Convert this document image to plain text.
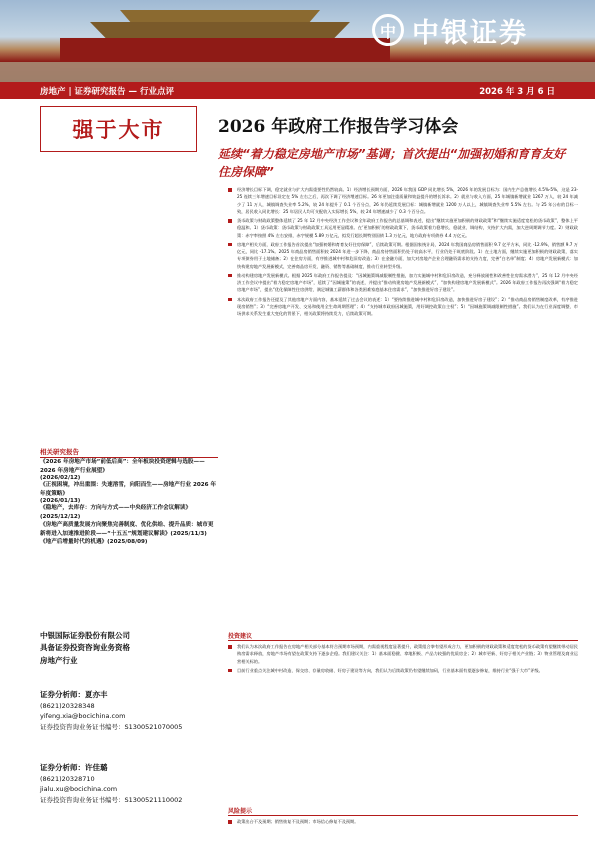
中 中银证券
房地产 | 证券研究报告 — 行业点评	2026 年 3 月 6 日
强于大市	2026 年政府工作报告学习体会
延续“着力稳定房地产市场”基调；首次提出“加强初婚和育育友好住房保障”
经济增长目标下调，稳定就业与扩大内需重要性仍然较高。1）经济增长预期方面，2026 年我国 GDP 同比增长 5%，2026 年的发展目标为：国内生产总值增长 4.5%-5%，这是 23-25 连续三年增速目标设定在 5% 左右之后，再次下调了经济增速目标。26 年更加注重质量和效益提升的增长诉求。2）就业与收入方面，25 年城镇新增就业 1267 万人，较 24 年减少了 11 万人，城镇调查失业率 5.2%，较 24 年提升了 0.1 个百分点，26 年仍延续发展目标：城镇新增就业 1200 万人以上，城镇调查失业率 5.5% 左右。与 25 年公布的目标一致，居民收入同比增长：25 年居民人均可支配收入实际增长 5%，较 24 年增速减少了 0.3 个百分点。
货币政策与财政政策整体延续了 25 年 12 月中央经济工作会议和全年政府工作报告的总基调和表述，提出“继续实施更加积极的财政政策”和“继续实施适度宽松的货币政策”，整体上平稳温和。1）货币政策：货币政策与财政政策工具运用更显精准。在‘更加积极’的财政政策下，货币政策着力稳增长、稳就业、调结构，支持扩大内需，加大逆周期调节力度。2）财政政策：赤字率按照 4% 左右安排，赤字规模 5.89 万亿元，拟发行超长期特别国债 1.3 万亿元，地方政府专项债券 4.4 万亿元。
房地产相关方面，政府工作报告首次提出“加强初婚和育育友好住房保障”，后续政策可期。根据国家统计局，2024 年我国商品房销售面积 9.7 亿平方米，同比 -12.9%，销售额 9.7 万亿元，同比 -17.1%。2025 年商品房销售面积较 2024 年进一步下降，商品房待售面积仍处于较高水平，行业仍处于筑底阶段。1）在土地方面，继续实施更加积极的财政政策，落实专项债券用于土地储备；2）在住房方面，有序推进城中村和危旧房改造；3）在金融方面，加大对房地产企业合理融资需求的支持力度，完善“白名单”制度；4）房地产发展新模式：加快构建房地产发展新模式，完善商品房开发、融资、销售等基础制度，推动行业转型升级。
推动构建房地产发展新模式。根据 2025 年政府工作报告提及：“因城施策调减限制性措施，加力实施城中村和危旧房改造，充分释放刚性和改善性住房需求潜力”，25 年 12 月中央经济工作会议中提出“着力稳定房地产市场”，延续了“因城施策”的表述，并提出“推动构建房地产发展新模式”，“加快构建房地产发展新模式”。2026 年政府工作报告再次强调“着力稳定房地产市场”，提出“优化保障性住房供给，满足城镇工薪群体和各类困难家庭基本住房需求”，“加快推进好房子建设”。
本次政府工作报告还提及了其他房地产方面内容，基本延续了过去会议的表述：1）“要持续推进城中村和危旧房改造，加快推进好房子建设”；2）“推动商品房销售制度改革，有序推进现房销售”；3）“完善房地产开发、交易和使用全生命周期管理”；4）“支持城市政府因城施策，用好调控政策自主权”；5）“因城施策调减限制性措施”。我们认为在行业深度调整、市场供求关系发生重大变化的背景下，相关政策将持续发力，后续政策可期。
投资建议
我们认为本次政府工作报告在房地产相关部分基本符合预期市场预期，内需重视程度显著提升，政策组合拳有望形成合力，更加积极的财政政策和适度宽松的货币政策有望继续带动居民购房需求释放，房地产市场有望在政策支持下逐步企稳。我们建议关注：1）基本面稳健、拿地积极、产品力较强的优质房企；2）城市更新、好房子相关产业链；3）物业管理及商业运营相关标的。
目前行业重点关注城中村改造、保交房、存量房收储、好房子建设等方向，我们认为后续政策仍有望继续加码，行业基本面有望逐步修复，维持行业“强于大市”评级。
风险提示
政策出台不及预期；销售恢复不及预期；市场信心修复不及预期。
相关研究报告
《2026 年房地产市场“前低后高”：全年板块投资逻辑与选股——2026 年房地产行业展望》
(2026/02/12)
《正视困境，冲出重围：失速溶雪，向阳而生——房地产行业 2026 年年度策略》
(2026/01/13)
《稳地产，去库存：方向与方式——中央经济工作会议解读》(2025/12/12)
《房地产高质量发展方向聚焦完善制度、优化供给、提升品质：城市更新将进入加速推进阶段——“十五五”规划建议解读》(2025/11/3)
《地产后增量时代的机遇》(2025/08/09)
中银国际证券股份有限公司
具备证券投资咨询业务资格
房地产行业
证券分析师：夏亦丰
(8621)20328348
yifeng.xia@bocichina.com
证券投资咨询业务证书编号：S1300521070005
证券分析师：许佳璐
(8621)20328710
jialu.xu@bocichina.com
证券投资咨询业务证书编号：S1300521110002
